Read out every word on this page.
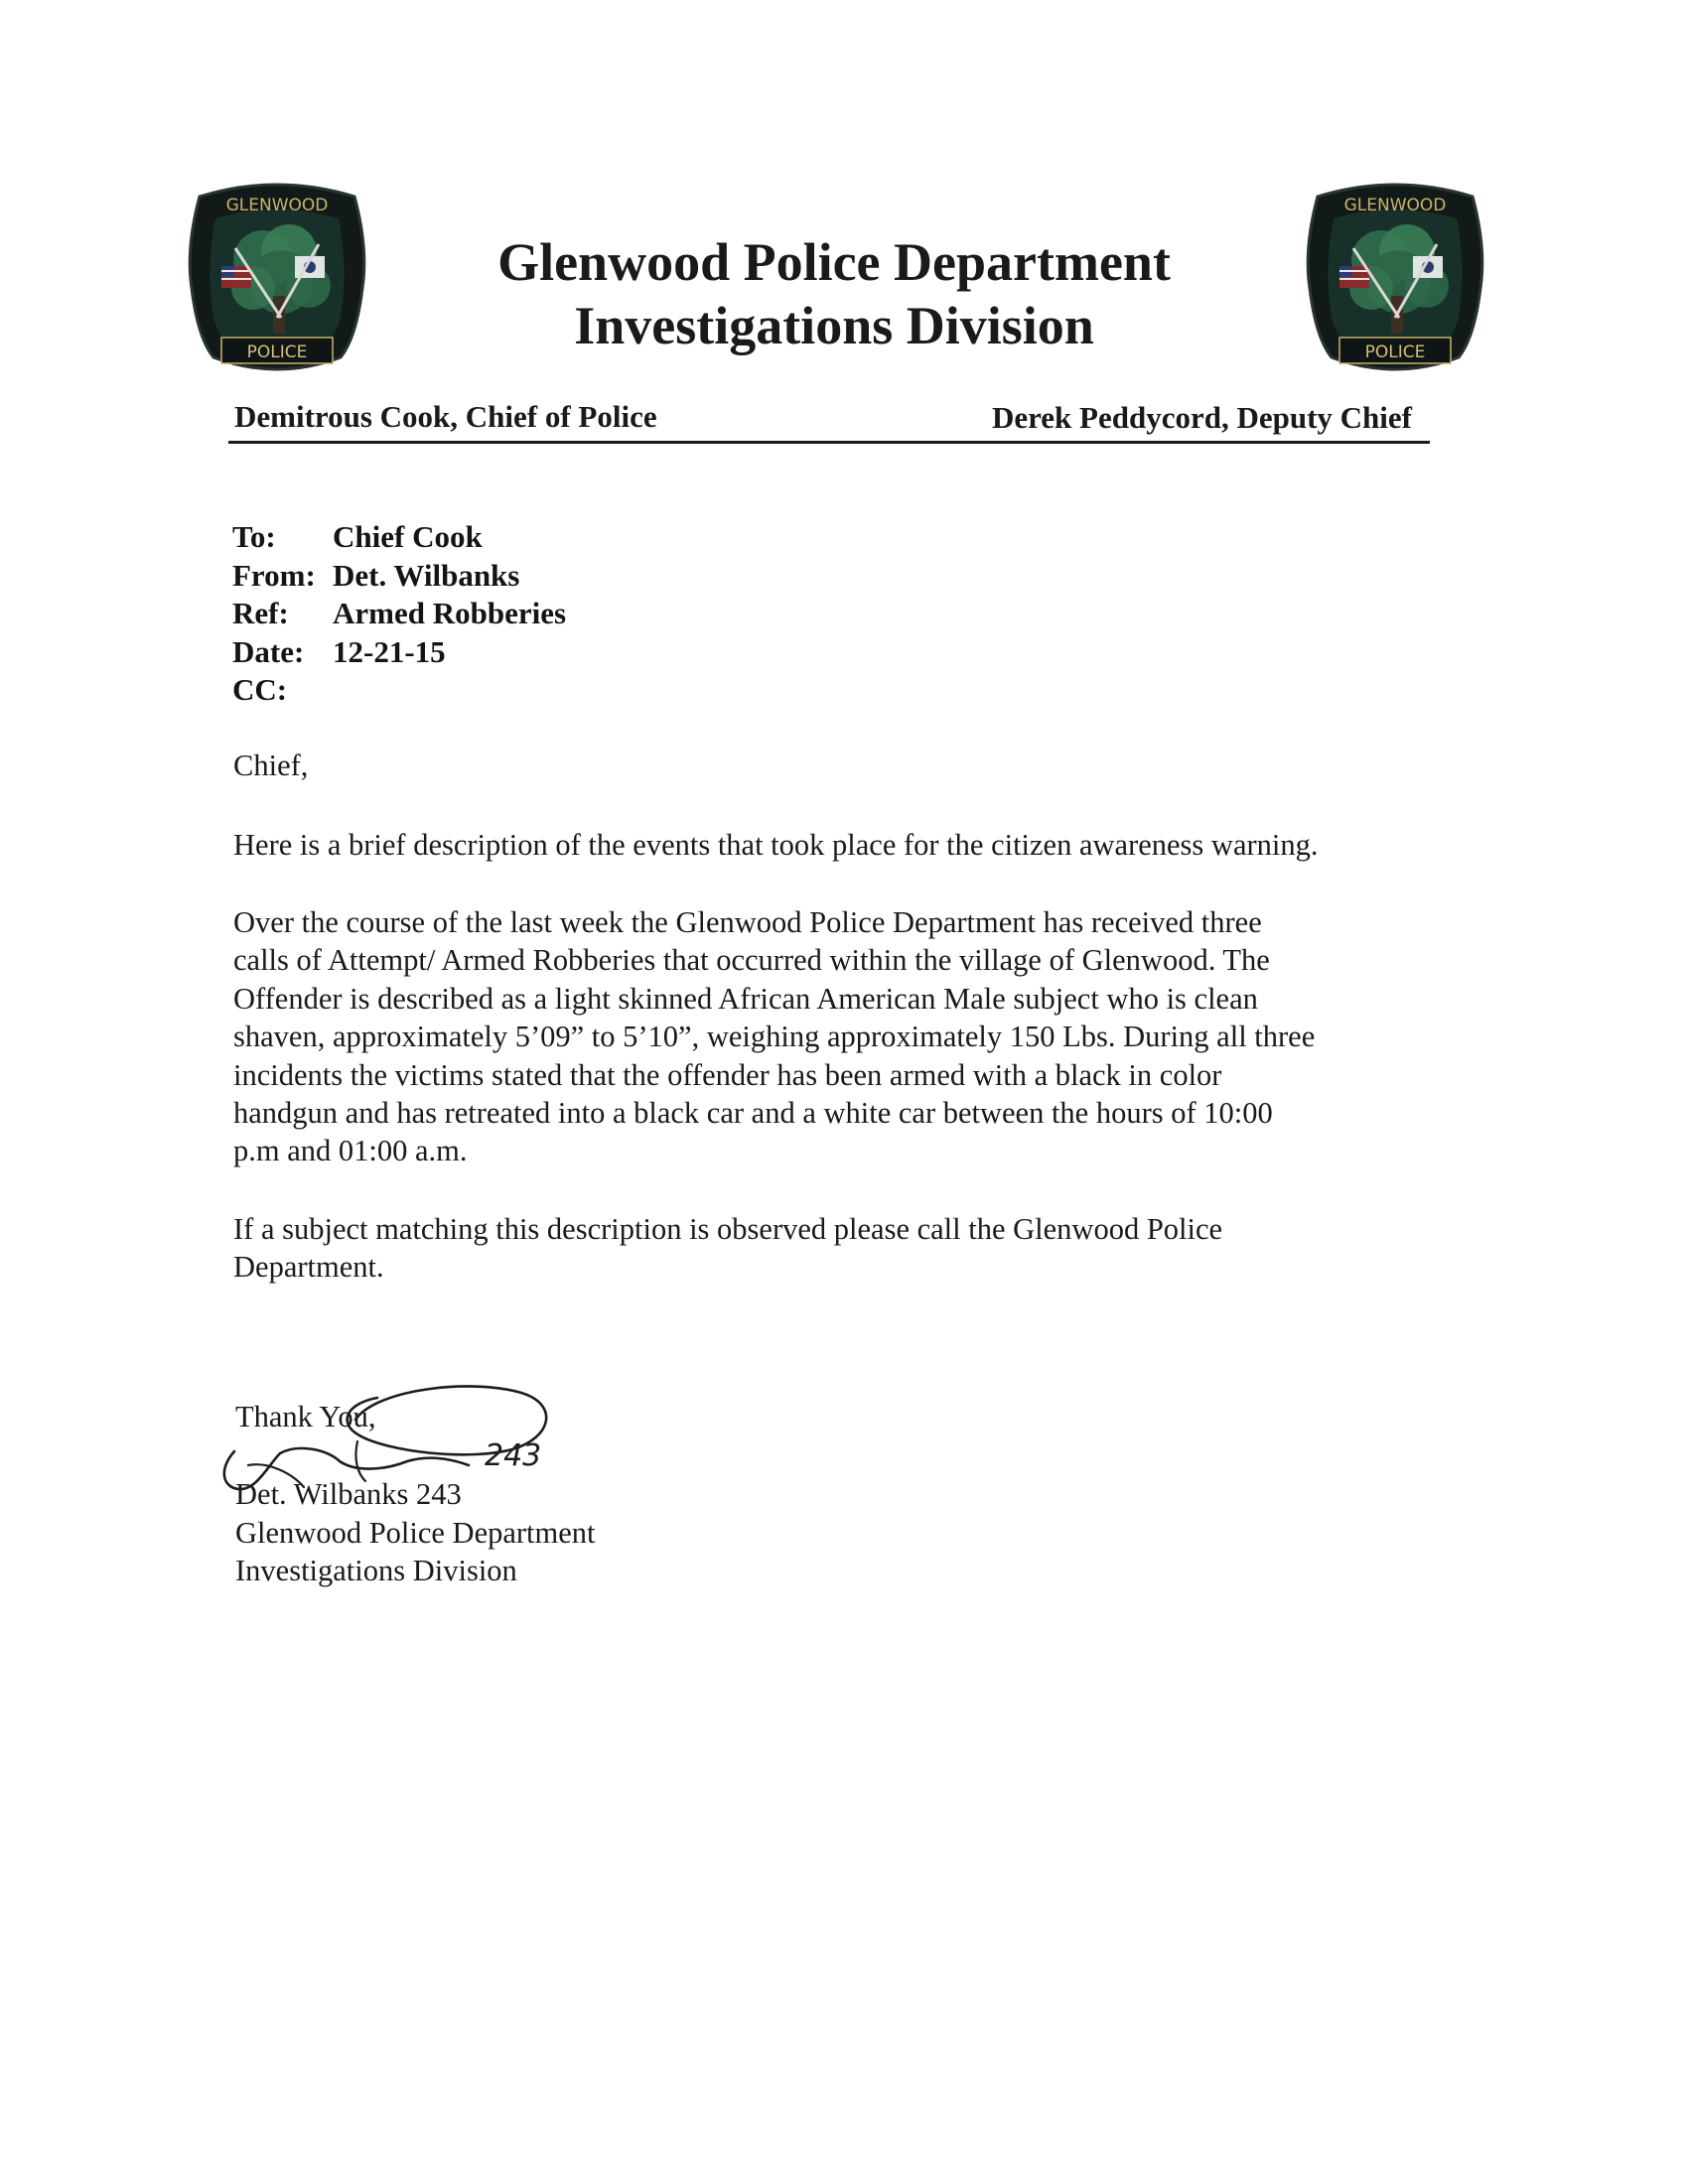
GLENWOOD
POLICE
GLENWOOD
POLICE
Glenwood Police Department
Investigations Division
Demitrous Cook, Chief of Police	Derek Peddycord, Deputy Chief
To:	Chief Cook
From: Det. Wilbanks
Ref:	Armed Robberies
Date: 12-21-15
CC:
Chief,
Here is a brief description of the events that took place for the citizen awareness warning.
Over the course of the last week the Glenwood Police Department has received three
calls of Attempt/ Armed Robberies that occurred within the village of Glenwood. The
Offender is described as a light skinned African American Male subject who is clean
shaven, approximately 5’09” to 5’10”, weighing approximately 150 Lbs. During all three
incidents the victims stated that the offender has been armed with a black in color
handgun and has retreated into a black car and a white car between the hours of 10:00
p.m and 01:00 a.m.
If a subject matching this description is observed please call the Glenwood Police
Department.
Thank You,
243
Det. Wilbanks 243
Glenwood Police Department
Investigations Division
